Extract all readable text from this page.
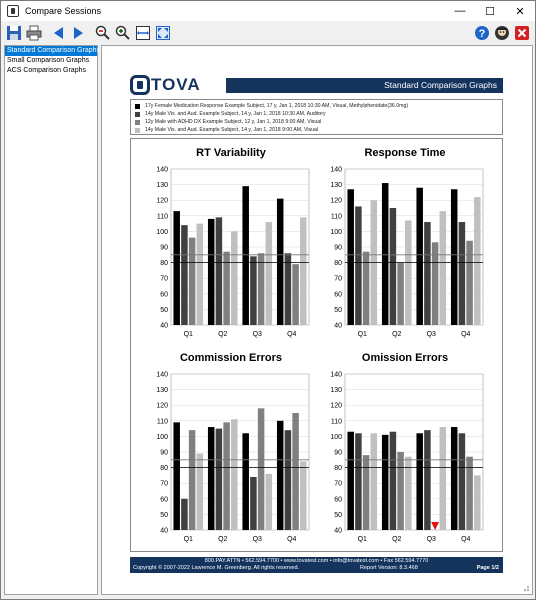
Compare Sessions	— ☐ ✕
?
Standard Comparison Graphs
Small Comparison Graphs
ACS Comparison Graphs
TOVA	Standard Comparison Graphs
17y Female Medication Response Example Subject, 17 y, Jan 1, 2018 10:30 AM, Visual, Methylphenidate(36.0mg)
14y Male Vis. and Aud. Example Subject, 14 y, Jan 1, 2018 10:30 AM, Auditory
12y Male with ADHD DX Example Subject, 12 y, Jan 1, 2018 9:00 AM, Visual
14y Male Vis. and Aud. Example Subject, 14 y, Jan 1, 2018 9:00 AM, Visual
RT Variability
40
50
60
70
80
90
100
110
120
130
140
Q1	Q2	Q3	Q4
Response Time
40
50
60
70
80
90
100
110
120
130
140
Q1	Q2	Q3	Q4
Commission Errors
40
50
60
70
80
90
100
110
120
130
140
Q1	Q2	Q3	Q4
Omission Errors
40
50
60
70
80
90
100
110
120
130
140
Q1	Q2	Q3	Q4
800.PAY.ATTN • 562.594.7700 • www.tovatest.com • info@tovatest.com • Fax 562.594.7770
Copyright © 2007-2022 Lawrence M. Greenberg. All rights reserved.	Report Version: 8.3.468	Page 1/2
